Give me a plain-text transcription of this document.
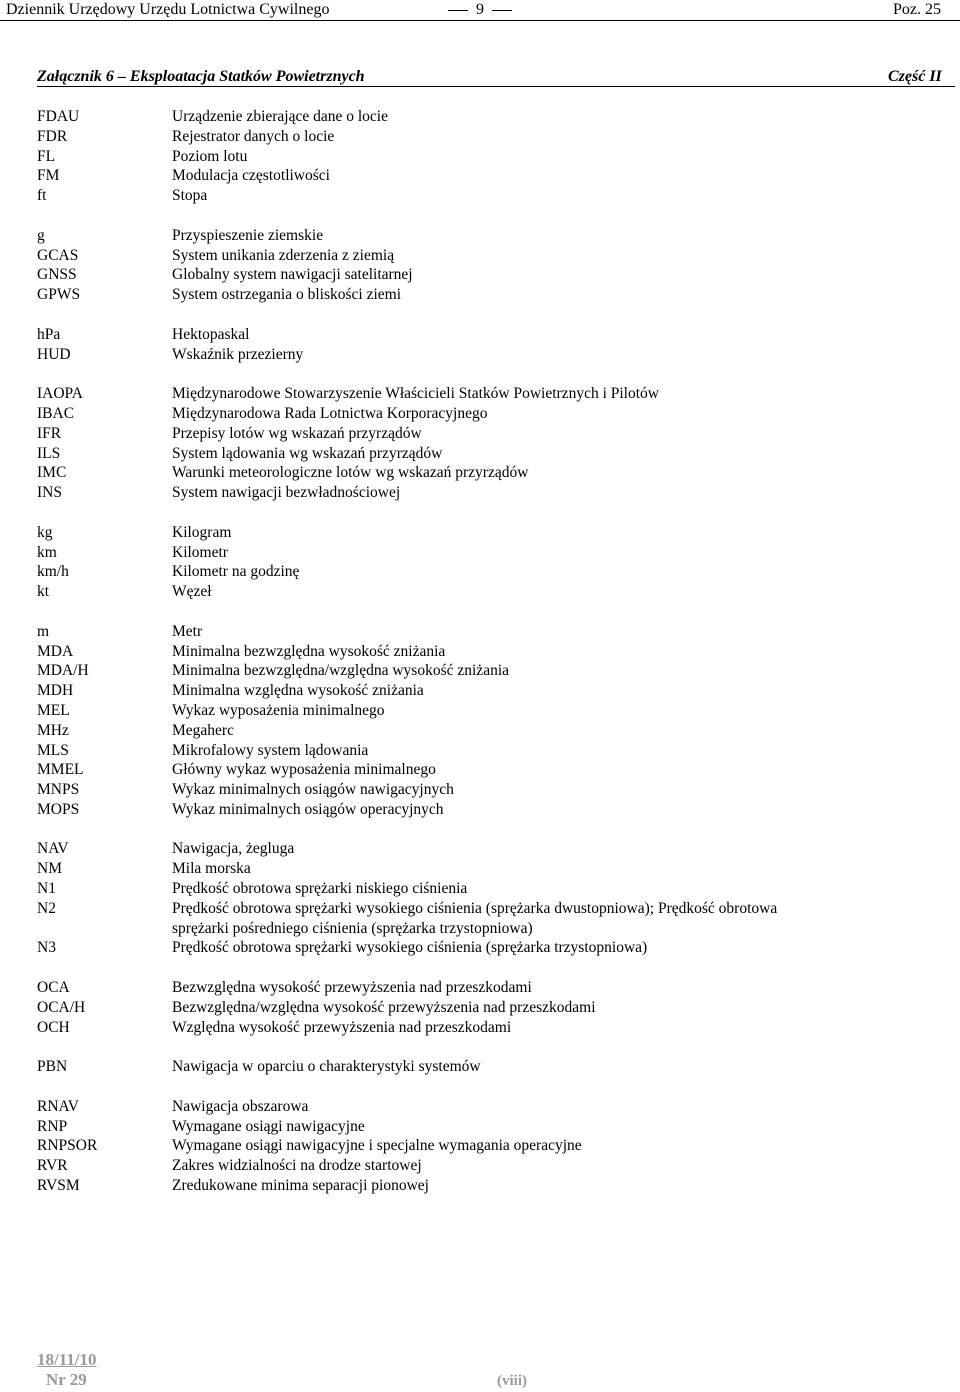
Dziennik Urzędowy Urzędu Lotnictwa Cywilnego	9	Poz. 25
Załącznik 6 – Eksploatacja Statków Powietrznych	Część II
FDAU	Urządzenie zbierające dane o locie
FDR	Rejestrator danych o locie
FL	Poziom lotu
FM	Modulacja częstotliwości
ft	Stopa
g	Przyspieszenie ziemskie
GCAS	System unikania zderzenia z ziemią
GNSS	Globalny system nawigacji satelitarnej
GPWS	System ostrzegania o bliskości ziemi
hPa	Hektopaskal
HUD	Wskaźnik przezierny
IAOPA	Międzynarodowe Stowarzyszenie Właścicieli Statków Powietrznych i Pilotów
IBAC	Międzynarodowa Rada Lotnictwa Korporacyjnego
IFR	Przepisy lotów wg wskazań przyrządów
ILS	System lądowania wg wskazań przyrządów
IMC	Warunki meteorologiczne lotów wg wskazań przyrządów
INS	System nawigacji bezwładnościowej
kg	Kilogram
km	Kilometr
km/h	Kilometr na godzinę
kt	Węzeł
m	Metr
MDA	Minimalna bezwzględna wysokość zniżania
MDA/H	Minimalna bezwzględna/względna wysokość zniżania
MDH	Minimalna względna wysokość zniżania
MEL	Wykaz wyposażenia minimalnego
MHz	Megaherc
MLS	Mikrofalowy system lądowania
MMEL	Główny wykaz wyposażenia minimalnego
MNPS	Wykaz minimalnych osiągów nawigacyjnych
MOPS	Wykaz minimalnych osiągów operacyjnych
NAV	Nawigacja, żegluga
NM	Mila morska
N1	Prędkość obrotowa sprężarki niskiego ciśnienia
N2	Prędkość obrotowa sprężarki wysokiego ciśnienia (sprężarka dwustopniowa); Prędkość obrotowa sprężarki pośredniego ciśnienia (sprężarka trzystopniowa)
N3	Prędkość obrotowa sprężarki wysokiego ciśnienia (sprężarka trzystopniowa)
OCA	Bezwzględna wysokość przewyższenia nad przeszkodami
OCA/H	Bezwzględna/względna wysokość przewyższenia nad przeszkodami
OCH	Względna wysokość przewyższenia nad przeszkodami
PBN	Nawigacja w oparciu o charakterystyki systemów
RNAV	Nawigacja obszarowa
RNP	Wymagane osiągi nawigacyjne
RNPSOR	Wymagane osiągi nawigacyjne i specjalne wymagania operacyjne
RVR	Zakres widzialności na drodze startowej
RVSM	Zredukowane minima separacji pionowej
18/11/10
Nr 29	(viii)
